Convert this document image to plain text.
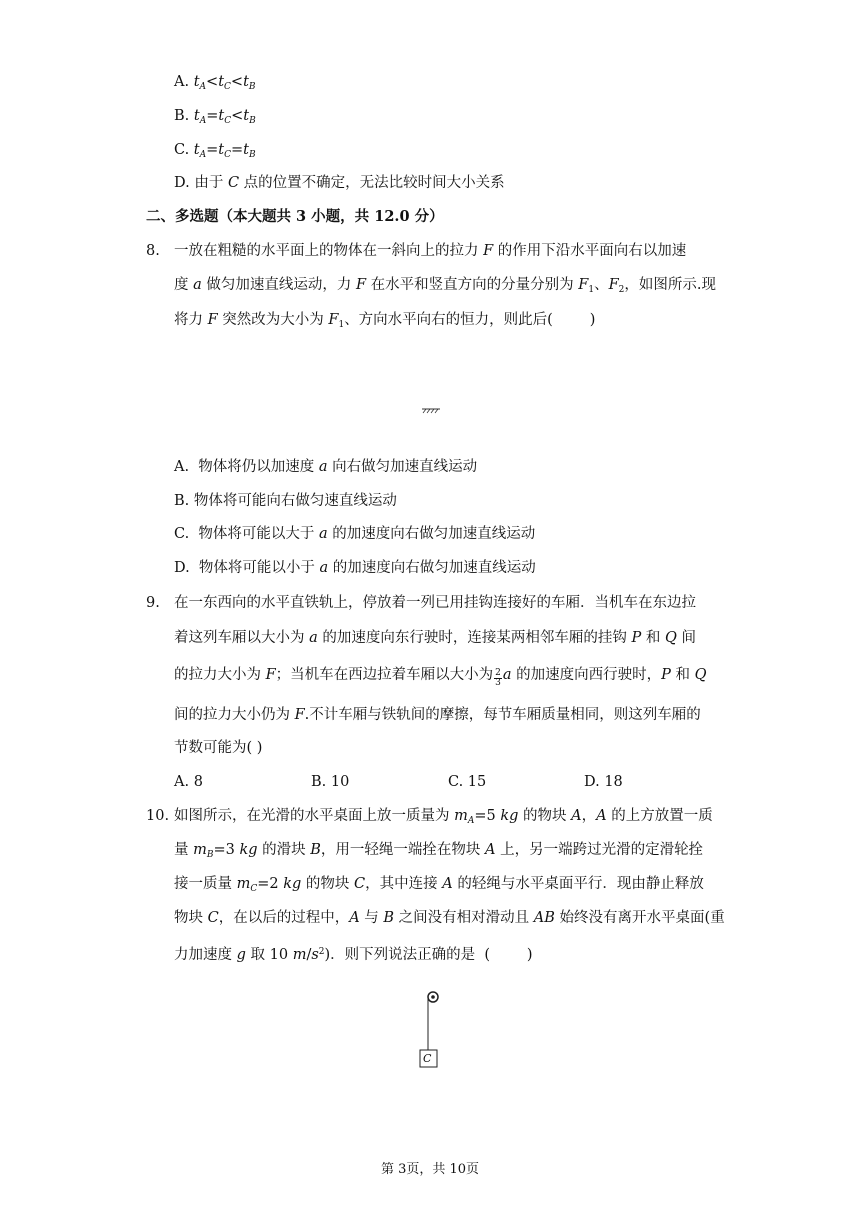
A. $t_A<t_C<t_B$
B. $t_A=t_C<t_B$
C. $t_A=t_C=t_B$
D. 由于 C 点的位置不确定，无法比较时间大小关系
二、多选题（本大题共 3 小题，共 12.0 分）
8. 一放在粗糙的水平面上的物体在一斜向上的拉力 F 的作用下沿水平面向右以加速
度 a 做匀加速直线运动，力 F 在水平和竖直方向的分量分别为 $F_1$、$F_2$，如图所示.现
将力 F 突然改为大小为 $F_1$、方向水平向右的恒力，则此后(        )
A.  物体将仍以加速度 a 向右做匀加速直线运动
B. 物体将可能向右做匀速直线运动
C.  物体将可能以大于 a 的加速度向右做匀加速直线运动
D.  物体将可能以小于 a 的加速度向右做匀加速直线运动
9. 在一东西向的水平直铁轨上，停放着一列已用挂钩连接好的车厢．当机车在东边拉
着这列车厢以大小为 a 的加速度向东行驶时，连接某两相邻车厢的挂钩 P 和 Q 间
的拉力大小为 F；当机车在西边拉着车厢以大小为 $\frac{2}{3}$ a 的加速度向西行驶时，P 和 Q
间的拉力大小仍为 F.不计车厢与铁轨间的摩擦，每节车厢质量相同，则这列车厢的
节数可能为( )
A. 8	B. 10	C. 15	D. 18
10. 如图所示，在光滑的水平桌面上放一质量为 $m_A=5$ kg 的物块 A，A 的上方放置一质
量 $m_B=3$ kg 的滑块 B，用一轻绳一端拴在物块 A 上，另一端跨过光滑的定滑轮拴
接一质量 $m_C=2$ kg 的物块 C，其中连接 A 的轻绳与水平桌面平行．现由静止释放
物块 C，在以后的过程中，A 与 B 之间没有相对滑动且 AB 始终没有离开水平桌面(重
力加速度 g 取 10 $m/s^2$)．则下列说法正确的是  (        )
C
第 3页，共 10页
